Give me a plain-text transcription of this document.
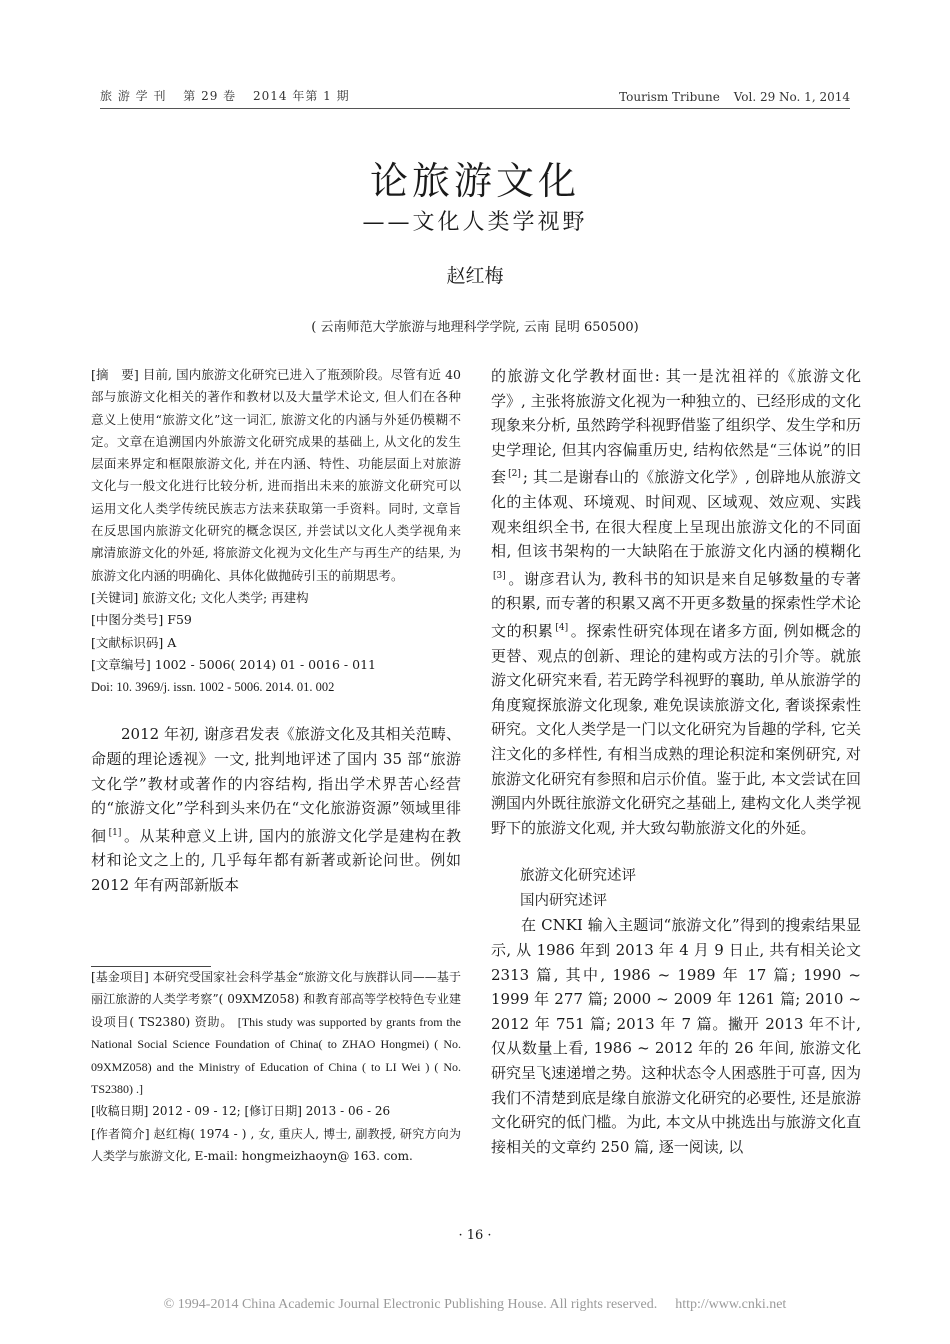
旅 游 学 刊 第 29 卷 2014 年第 1 期	Tourism Tribune Vol. 29 No. 1, 2014
论旅游文化
——文化人类学视野
赵红梅
( 云南师范大学旅游与地理科学学院, 云南 昆明 650500)

[摘　要] 目前, 国内旅游文化研究已进入了瓶颈阶段。尽管有近 40 部与旅游文化相关的著作和教材以及大量学术论文, 但人们在各种意义上使用“旅游文化”这一词汇, 旅游文化的内涵与外延仍模糊不定。文章在追溯国内外旅游文化研究成果的基础上, 从文化的发生层面来界定和框限旅游文化, 并在内涵、特性、功能层面上对旅游文化与一般文化进行比较分析, 进而指出未来的旅游文化研究可以运用文化人类学传统民族志方法来获取第一手资料。同时, 文章旨在反思国内旅游文化研究的概念误区, 并尝试以文化人类学视角来廓清旅游文化的外延, 将旅游文化视为文化生产与再生产的结果, 为旅游文化内涵的明确化、具体化做抛砖引玉的前期思考。

[关键词] 旅游文化; 文化人类学; 再建构

[中图分类号] F59

[文献标识码] A

[文章编号] 1002 - 5006( 2014) 01 - 0016 - 011

Doi: 10. 3969/j. issn. 1002 - 5006. 2014. 01. 002

2012 年初, 谢彦君发表《旅游文化及其相关范畴、命题的理论透视》一文, 批判地评述了国内 35 部“旅游文化学”教材或著作的内容结构, 指出学术界苦心经营的“旅游文化”学科到头来仍在“文化旅游资源”领域里徘徊 [1] 。从某种意义上讲, 国内的旅游文化学是建构在教材和论文之上的, 几乎每年都有新著或新论问世。例如 2012 年有两部新版本

[基金项目] 本研究受国家社会科学基金“旅游文化与族群认同——基于丽江旅游的人类学考察”( 09XMZ058) 和教育部高等学校特色专业建设项目( TS2380) 资助。 [This study was supported by grants from the National Social Science Foundation of China( to ZHAO Hongmei) ( No. 09XMZ058) and the Ministry of Education of China ( to LI Wei ) ( No. TS2380) .]

[收稿日期] 2012 - 09 - 12; [修订日期] 2013 - 06 - 26

[作者简介] 赵红梅( 1974 - ) , 女, 重庆人, 博士, 副教授, 研究方向为人类学与旅游文化, E-mail: hongmeizhaoyn@ 163. com.

的旅游文化学教材面世: 其一是沈祖祥的《旅游文化学》, 主张将旅游文化视为一种独立的、已经形成的文化现象来分析, 虽然跨学科视野借鉴了组织学、发生学和历史学理论, 但其内容偏重历史, 结构依然是“三体说”的旧套 [2] ; 其二是谢春山的《旅游文化学》, 创辟地从旅游文化的主体观、环境观、时间观、区域观、效应观、实践观来组织全书, 在很大程度上呈现出旅游文化的不同面相, 但该书架构的一大缺陷在于旅游文化内涵的模糊化[3] 。谢彦君认为, 教科书的知识是来自足够数量的专著的积累, 而专著的积累又离不开更多数量的探索性学术论文的积累 [4] 。探索性研究体现在诸多方面, 例如概念的更替、观点的创新、理论的建构或方法的引介等。就旅游文化研究来看, 若无跨学科视野的襄助, 单从旅游学的角度窥探旅游文化现象, 难免误读旅游文化, 奢谈探索性研究。文化人类学是一门以文化研究为旨趣的学科, 它关注文化的多样性, 有相当成熟的理论积淀和案例研究, 对旅游文化研究有参照和启示价值。鉴于此, 本文尝试在回溯国内外既往旅游文化研究之基础上, 建构文化人类学视野下的旅游文化观, 并大致勾勒旅游文化的外延。

旅游文化研究述评

国内研究述评

在 CNKI 输入主题词“旅游文化”得到的搜索结果显示, 从 1986 年到 2013 年 4 月 9 日止, 共有相关论文 2313 篇, 其中, 1986 ~ 1989 年 17 篇; 1990 ~ 1999 年 277 篇; 2000 ~ 2009 年 1261 篇; 2010 ~ 2012 年 751 篇; 2013 年 7 篇。撇开 2013 年不计, 仅从数量上看, 1986 ~ 2012 年的 26 年间, 旅游文化研究呈飞速递增之势。这种状态令人困惑胜于可喜, 因为我们不清楚到底是缘自旅游文化研究的必要性, 还是旅游文化研究的低门槛。为此, 本文从中挑选出与旅游文化直接相关的文章约 250 篇, 逐一阅读, 以

· 16 ·
© 1994-2014 China Academic Journal Electronic Publishing House. All rights reserved. http://www.cnki.net
